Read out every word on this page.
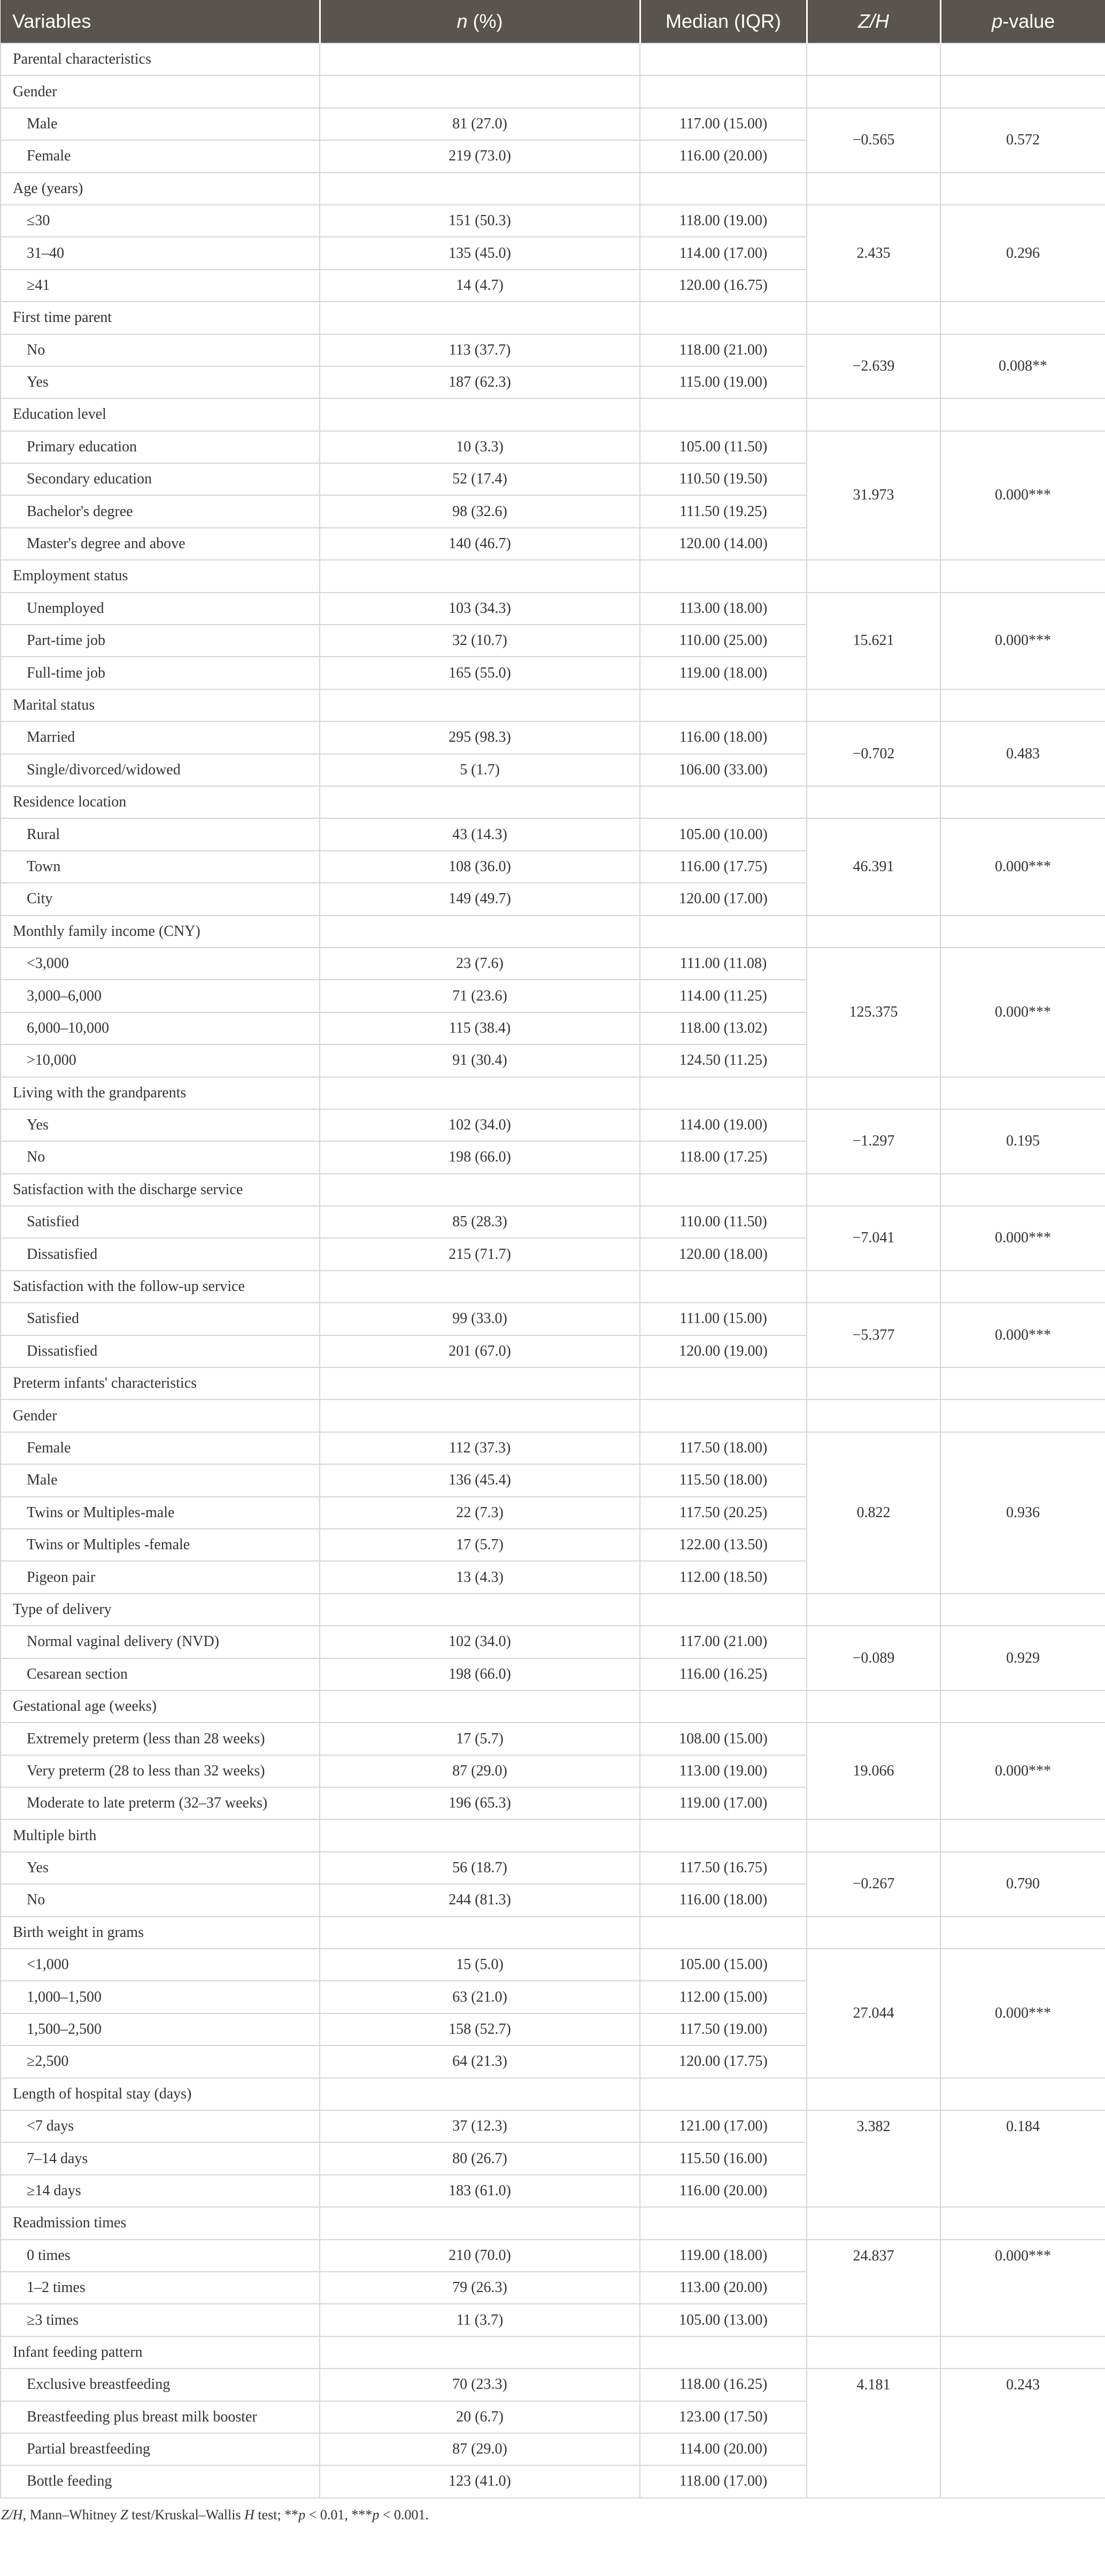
Variables	n (%)	Median (IQR)	Z/H	p-value
Parental characteristics				
Gender				
Male	81 (27.0)	117.00 (15.00)	−0.565	0.572
Female	219 (73.0)	116.00 (20.00)		
Age (years)				
≤30	151 (50.3)	118.00 (19.00)	2.435	0.296
31–40	135 (45.0)	114.00 (17.00)		
≥41	14 (4.7)	120.00 (16.75)		
First time parent				
No	113 (37.7)	118.00 (21.00)	−2.639	0.008**
Yes	187 (62.3)	115.00 (19.00)		
Education level				
Primary education	10 (3.3)	105.00 (11.50)	31.973	0.000***
Secondary education	52 (17.4)	110.50 (19.50)		
Bachelor's degree	98 (32.6)	111.50 (19.25)		
Master's degree and above	140 (46.7)	120.00 (14.00)		
Employment status				
Unemployed	103 (34.3)	113.00 (18.00)	15.621	0.000***
Part-time job	32 (10.7)	110.00 (25.00)		
Full-time job	165 (55.0)	119.00 (18.00)		
Marital status				
Married	295 (98.3)	116.00 (18.00)	−0.702	0.483
Single/divorced/widowed	5 (1.7)	106.00 (33.00)		
Residence location				
Rural	43 (14.3)	105.00 (10.00)	46.391	0.000***
Town	108 (36.0)	116.00 (17.75)		
City	149 (49.7)	120.00 (17.00)		
Monthly family income (CNY)				
<3,000	23 (7.6)	111.00 (11.08)	125.375	0.000***
3,000–6,000	71 (23.6)	114.00 (11.25)		
6,000–10,000	115 (38.4)	118.00 (13.02)		
>10,000	91 (30.4)	124.50 (11.25)		
Living with the grandparents				
Yes	102 (34.0)	114.00 (19.00)	−1.297	0.195
No	198 (66.0)	118.00 (17.25)		
Satisfaction with the discharge service				
Satisfied	85 (28.3)	110.00 (11.50)	−7.041	0.000***
Dissatisfied	215 (71.7)	120.00 (18.00)		
Satisfaction with the follow-up service				
Satisfied	99 (33.0)	111.00 (15.00)	−5.377	0.000***
Dissatisfied	201 (67.0)	120.00 (19.00)		
Preterm infants' characteristics				
Gender				
Female	112 (37.3)	117.50 (18.00)	0.822	0.936
Male	136 (45.4)	115.50 (18.00)		
Twins or Multiples-male	22 (7.3)	117.50 (20.25)		
Twins or Multiples -female	17 (5.7)	122.00 (13.50)		
Pigeon pair	13 (4.3)	112.00 (18.50)		
Type of delivery				
Normal vaginal delivery (NVD)	102 (34.0)	117.00 (21.00)	−0.089	0.929
Cesarean section	198 (66.0)	116.00 (16.25)		
Gestational age (weeks)				
Extremely preterm (less than 28 weeks)	17 (5.7)	108.00 (15.00)	19.066	0.000***
Very preterm (28 to less than 32 weeks)	87 (29.0)	113.00 (19.00)		
Moderate to late preterm (32–37 weeks)	196 (65.3)	119.00 (17.00)		
Multiple birth				
Yes	56 (18.7)	117.50 (16.75)	−0.267	0.790
No	244 (81.3)	116.00 (18.00)		
Birth weight in grams				
<1,000	15 (5.0)	105.00 (15.00)	27.044	0.000***
1,000–1,500	63 (21.0)	112.00 (15.00)		
1,500–2,500	158 (52.7)	117.50 (19.00)		
≥2,500	64 (21.3)	120.00 (17.75)		
Length of hospital stay (days)				
<7 days	37 (12.3)	121.00 (17.00)	3.382	0.184
7–14 days	80 (26.7)	115.50 (16.00)		
≥14 days	183 (61.0)	116.00 (20.00)		
Readmission times				
0 times	210 (70.0)	119.00 (18.00)	24.837	0.000***
1–2 times	79 (26.3)	113.00 (20.00)		
≥3 times	11 (3.7)	105.00 (13.00)		
Infant feeding pattern				
Exclusive breastfeeding	70 (23.3)	118.00 (16.25)	4.181	0.243
Breastfeeding plus breast milk booster	20 (6.7)	123.00 (17.50)		
Partial breastfeeding	87 (29.0)	114.00 (20.00)		
Bottle feeding	123 (41.0)	118.00 (17.00)		
Z/H, Mann–Whitney Z test/Kruskal–Wallis H test; **p < 0.01, ***p < 0.001.
